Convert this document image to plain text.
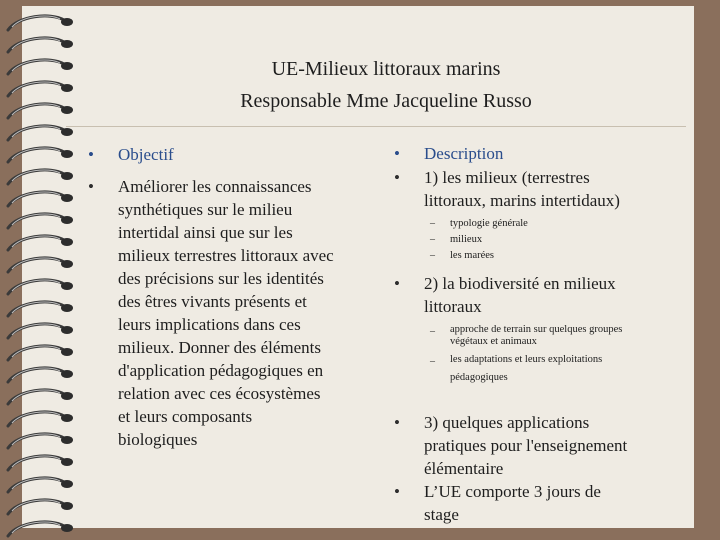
UE-Milieux littoraux marins
Responsable Mme Jacqueline Russo
• Objectif
• Améliorer les connaissances
synthétiques sur le milieu
intertidal ainsi que sur les
milieux terrestres littoraux avec
des précisions sur les identités
des êtres vivants présents et
leurs implications dans ces
milieux. Donner des éléments
d'application pédagogiques en
relation avec ces écosystèmes
et leurs composants
biologiques
• Description
• 1) les milieux (terrestres
littoraux, marins intertidaux)
– typologie générale
– milieux
– les marées
• 2) la biodiversité en milieux
littoraux
– approche de terrain sur quelques groupes
végétaux et animaux
– les adaptations et leurs exploitations
pédagogiques
• 3) quelques applications
pratiques pour l'enseignement
élémentaire
• L’UE comporte 3 jours de
stage
